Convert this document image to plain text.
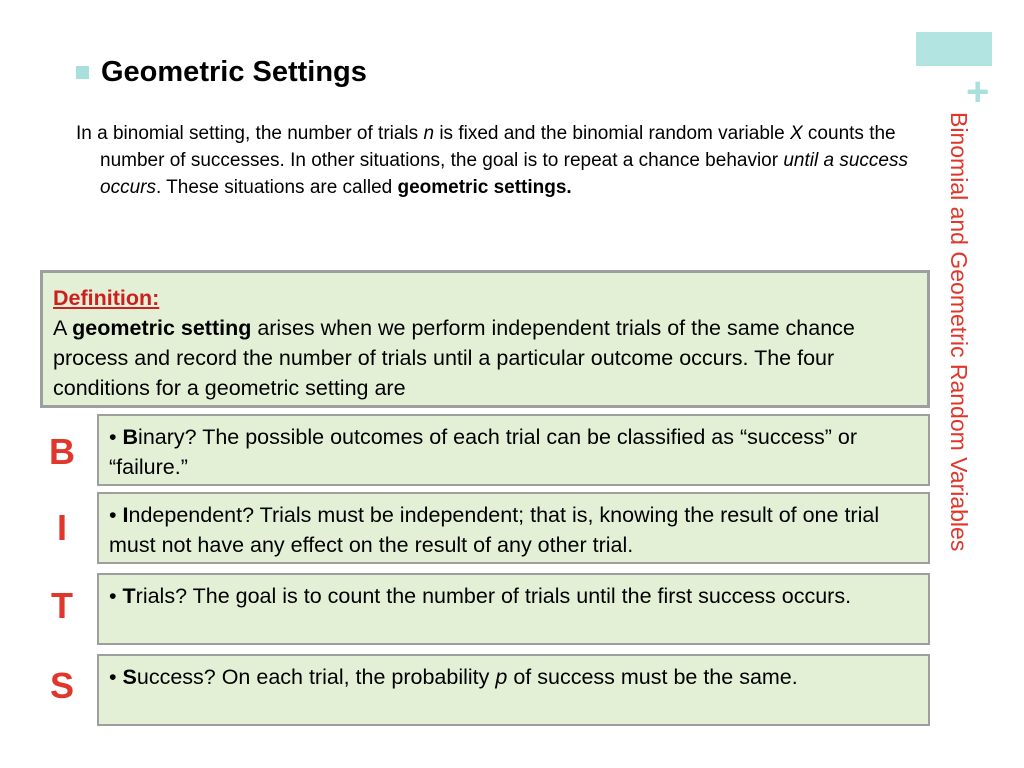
+
Binomial and Geometric Random Variables
Geometric Settings
In a binomial setting, the number of trials n is fixed and the binomial random variable X counts the number of successes. In other situations, the goal is to repeat a chance behavior until a success occurs. These situations are called geometric settings.
Definition:
A geometric setting arises when we perform independent trials of the same chance process and record the number of trials until a particular outcome occurs. The four conditions for a geometric setting are
B	• Binary? The possible outcomes of each trial can be classified as “success” or “failure.”
I	• Independent? Trials must be independent; that is, knowing the result of one trial must not have any effect on the result of any other trial.
T	• Trials? The goal is to count the number of trials until the first success occurs.
S	• Success? On each trial, the probability p of success must be the same.
